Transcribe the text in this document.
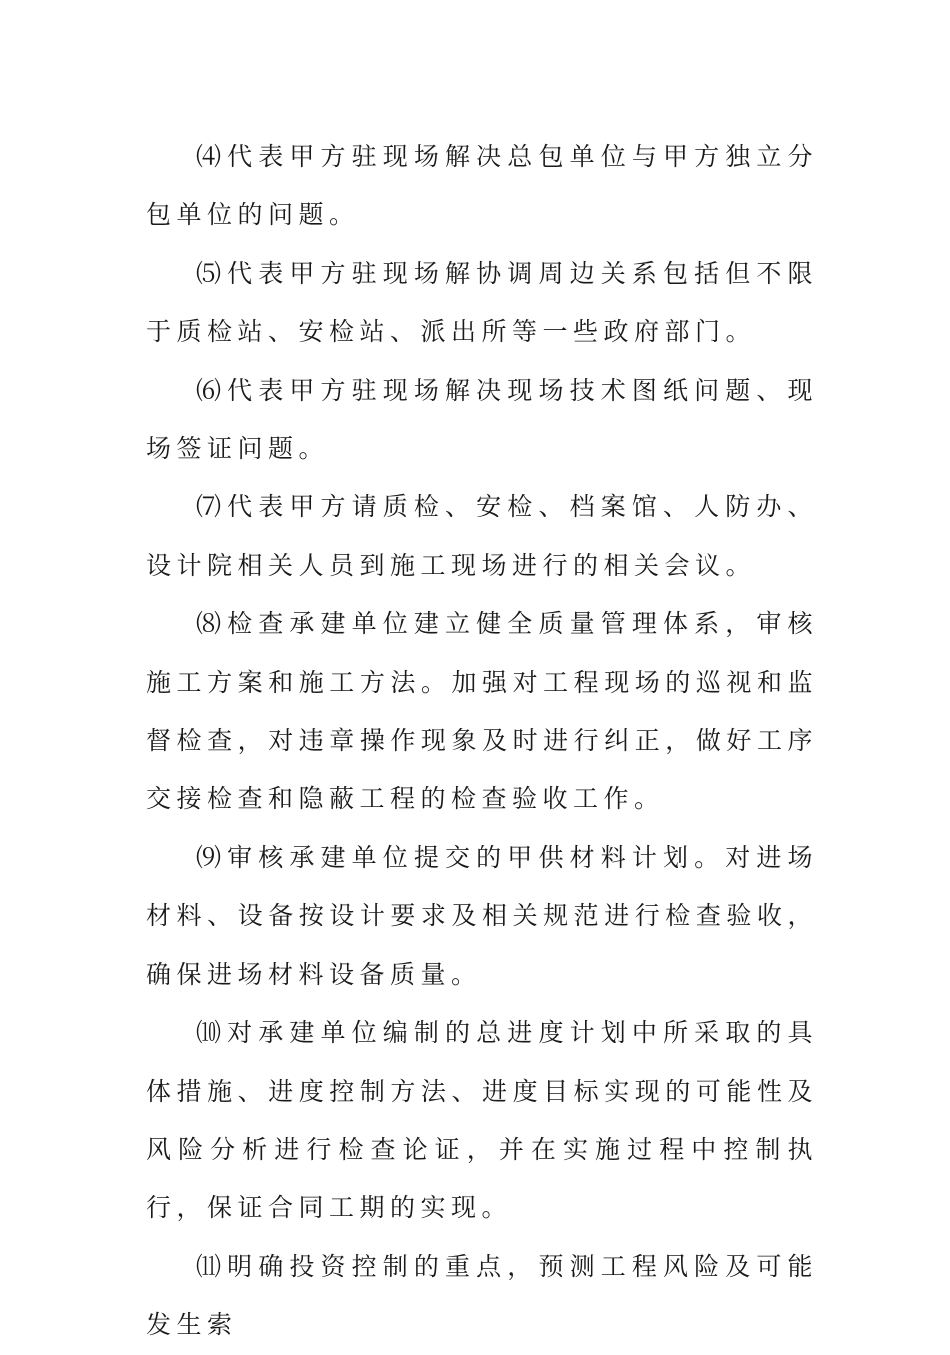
⑷代表甲方驻现场解决总包单位与甲方独立分包单位的问题。

⑸代表甲方驻现场解协调周边关系包括但不限于质检站、安检站、派出所等一些政府部门。

⑹代表甲方驻现场解决现场技术图纸问题、现场签证问题。

⑺代表甲方请质检、安检、档案馆、人防办、设计院相关人员到施工现场进行的相关会议。

⑻检查承建单位建立健全质量管理体系，审核施工方案和施工方法。加强对工程现场的巡视和监督检查，对违章操作现象及时进行纠正，做好工序交接检查和隐蔽工程的检查验收工作。

⑼审核承建单位提交的甲供材料计划。对进场材料、设备按设计要求及相关规范进行检查验收，确保进场材料设备质量。

⑽对承建单位编制的总进度计划中所采取的具体措施、进度控制方法、进度目标实现的可能性及风险分析进行检查论证，并在实施过程中控制执行，保证合同工期的实现。

⑾明确投资控制的重点，预测工程风险及可能发生索
